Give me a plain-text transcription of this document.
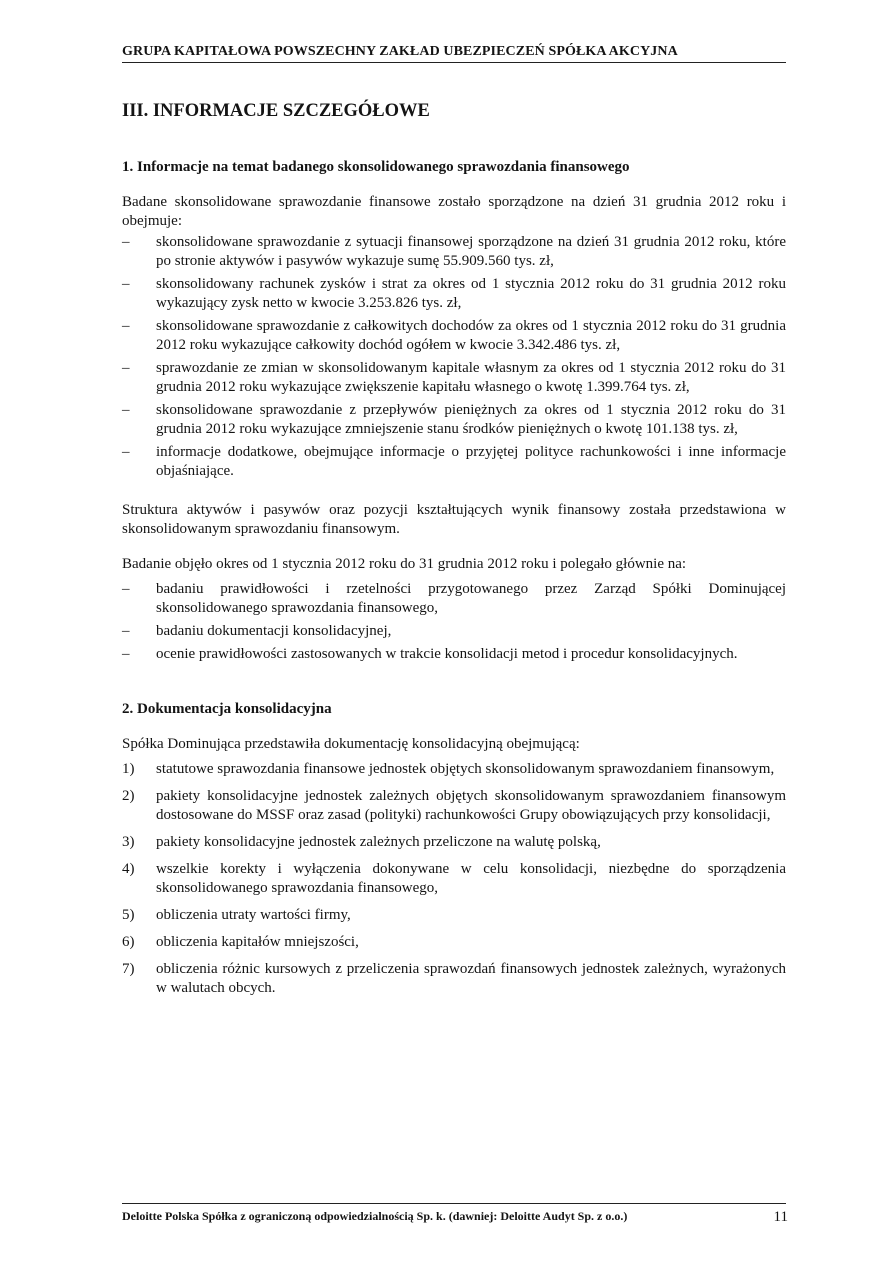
GRUPA KAPITAŁOWA POWSZECHNY ZAKŁAD UBEZPIECZEŃ SPÓŁKA AKCYJNA
III. INFORMACJE SZCZEGÓŁOWE
1. Informacje na temat badanego skonsolidowanego sprawozdania finansowego

Badane skonsolidowane sprawozdanie finansowe zostało sporządzone na dzień 31 grudnia 2012 roku i obejmuje:

– skonsolidowane sprawozdanie z sytuacji finansowej sporządzone na dzień 31 grudnia 2012 roku, które po stronie aktywów i pasywów wykazuje sumę 55.909.560 tys. zł,
– skonsolidowany rachunek zysków i strat za okres od 1 stycznia 2012 roku do 31 grudnia 2012 roku wykazujący zysk netto w kwocie 3.253.826 tys. zł,
– skonsolidowane sprawozdanie z całkowitych dochodów za okres od 1 stycznia 2012 roku do 31 grudnia 2012 roku wykazujące całkowity dochód ogółem w kwocie 3.342.486 tys. zł,
– sprawozdanie ze zmian w skonsolidowanym kapitale własnym za okres od 1 stycznia 2012 roku do 31 grudnia 2012 roku wykazujące zwiększenie kapitału własnego o kwotę 1.399.764 tys. zł,
– skonsolidowane sprawozdanie z przepływów pieniężnych za okres od 1 stycznia 2012 roku do 31 grudnia 2012 roku wykazujące zmniejszenie stanu środków pieniężnych o kwotę 101.138 tys. zł,
– informacje dodatkowe, obejmujące informacje o przyjętej polityce rachunkowości i inne informacje objaśniające.

Struktura aktywów i pasywów oraz pozycji kształtujących wynik finansowy została przedstawiona w skonsolidowanym sprawozdaniu finansowym.

Badanie objęło okres od 1 stycznia 2012 roku do 31 grudnia 2012 roku i polegało głównie na:

– badaniu prawidłowości i rzetelności przygotowanego przez Zarząd Spółki Dominującej skonsolidowanego sprawozdania finansowego,
– badaniu dokumentacji konsolidacyjnej,
– ocenie prawidłowości zastosowanych w trakcie konsolidacji metod i procedur konsolidacyjnych.
2. Dokumentacja konsolidacyjna

Spółka Dominująca przedstawiła dokumentację konsolidacyjną obejmującą:

1) statutowe sprawozdania finansowe jednostek objętych skonsolidowanym sprawozdaniem finansowym,
2) pakiety konsolidacyjne jednostek zależnych objętych skonsolidowanym sprawozdaniem finansowym dostosowane do MSSF oraz zasad (polityki) rachunkowości Grupy obowiązujących przy konsolidacji,
3) pakiety konsolidacyjne jednostek zależnych przeliczone na walutę polską,
4) wszelkie korekty i wyłączenia dokonywane w celu konsolidacji, niezbędne do sporządzenia skonsolidowanego sprawozdania finansowego,
5) obliczenia utraty wartości firmy,
6) obliczenia kapitałów mniejszości,
7) obliczenia różnic kursowych z przeliczenia sprawozdań finansowych jednostek zależnych, wyrażonych w walutach obcych.
Deloitte Polska Spółka z ograniczoną odpowiedzialnością Sp. k. (dawniej: Deloitte Audyt Sp. z o.o.)	11
